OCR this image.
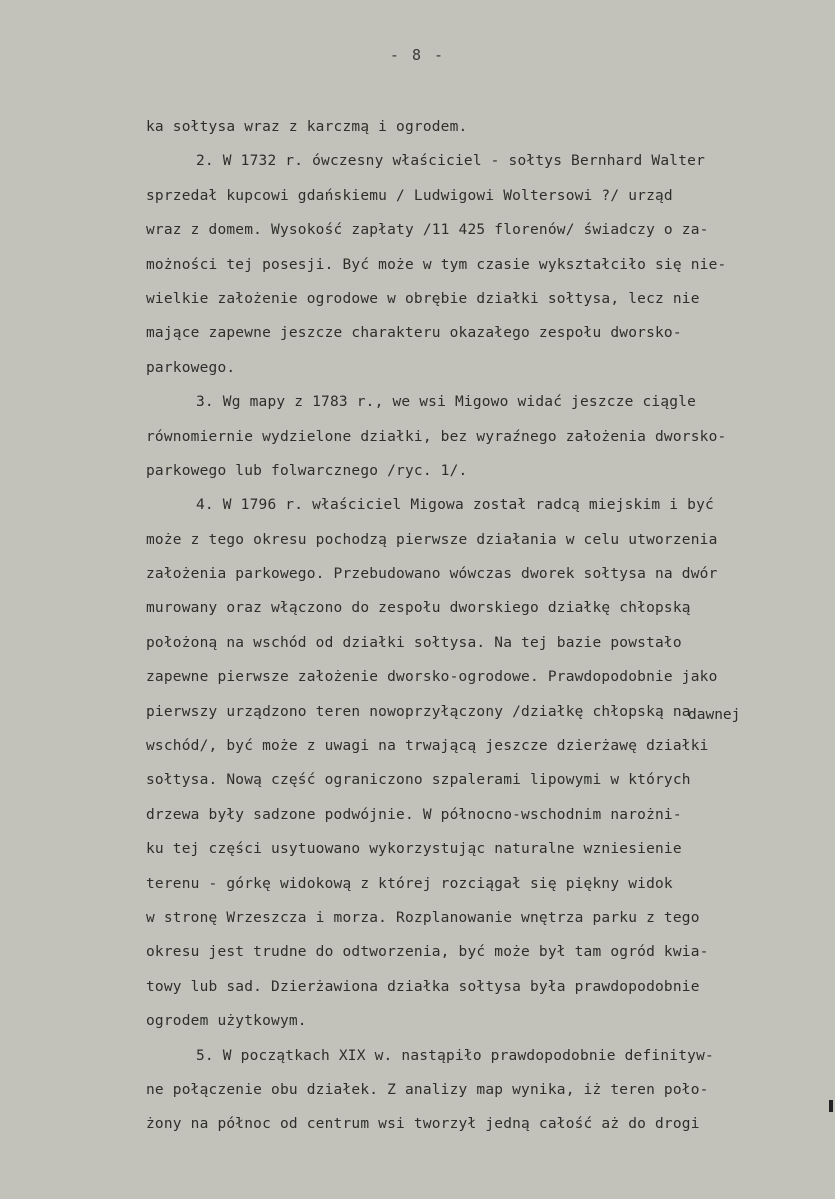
- 8 -
ka sołtysa wraz z karczmą i ogrodem.
2. W 1732 r. ówczesny właściciel - sołtys Bernhard Walter
sprzedał kupcowi gdańskiemu / Ludwigowi Woltersowi ?/ urząd
wraz z domem. Wysokość zapłaty /11 425 florenów/ świadczy o za-
możności tej posesji. Być może w tym czasie wykształciło się nie-
wielkie założenie ogrodowe w obrębie działki sołtysa, lecz nie
mające zapewne jeszcze charakteru okazałego zespołu dworsko-
parkowego.
3. Wg mapy z 1783 r., we wsi Migowo widać jeszcze ciągle
równomiernie wydzielone działki, bez wyraźnego założenia dworsko-
parkowego lub folwarcznego /ryc. 1/.
4. W 1796 r. właściciel Migowa został radcą miejskim i być
może z tego okresu pochodzą pierwsze działania w celu utworzenia
założenia parkowego. Przebudowano wówczas dworek sołtysa na dwór
murowany oraz włączono do zespołu dworskiego działkę chłopską
położoną na wschód od działki sołtysa. Na tej bazie powstało
zapewne pierwsze założenie dworsko-ogrodowe. Prawdopodobnie jako
pierwszy urządzono teren nowoprzyłączony /działkę chłopską na
wschód/, być może z uwagi na trwającą jeszcze dzierżawę działki
sołtysa. Nową część ograniczono szpalerami lipowymi w których
drzewa były sadzone podwójnie. W północno-wschodnim narożni-
ku tej części usytuowano wykorzystując naturalne wzniesienie
terenu - górkę widokową z której rozciągał się piękny widok
w stronę Wrzeszcza i morza. Rozplanowanie wnętrza parku z tego
okresu jest trudne do odtworzenia, być może był tam ogród kwia-
towy lub sad. Dzierżawiona działka sołtysa była prawdopodobnie
ogrodem użytkowym.
5. W początkach XIX w. nastąpiło prawdopodobnie definityw-
ne połączenie obu działek. Z analizy map wynika, iż teren poło-
żony na północ od centrum wsi tworzył jedną całość aż do drogi
dawnej
